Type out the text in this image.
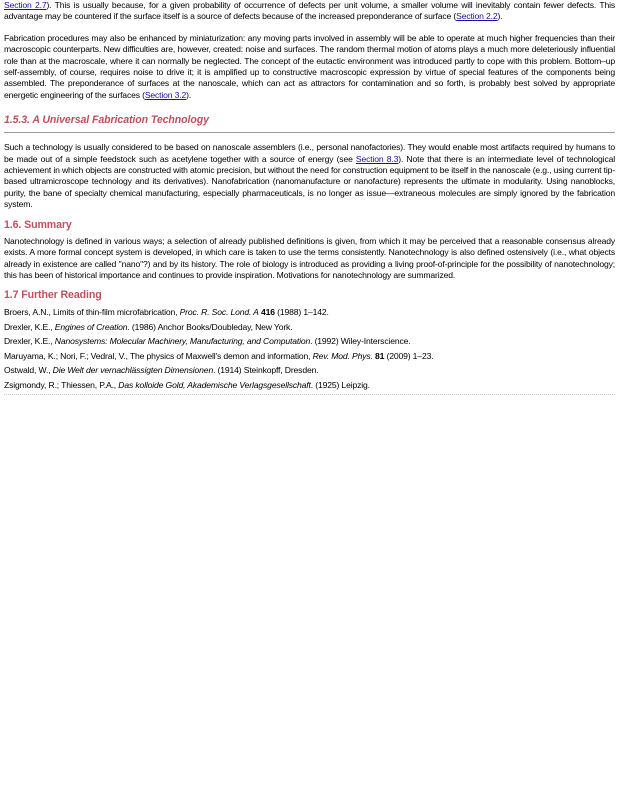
Section 2.7). This is usually because, for a given probability of occurrence of defects per unit volume, a smaller volume will inevitably contain fewer defects. This advantage may be countered if the surface itself is a source of defects because of the increased preponderance of surface (Section 2.2).

Fabrication procedures may also be enhanced by miniaturization: any moving parts involved in assembly will be able to operate at much higher frequencies than their macroscopic counterparts. New difficulties are, however, created: noise and surfaces. The random thermal motion of atoms plays a much more deleteriously influential role than at the macroscale, where it can normally be neglected. The concept of the eutactic environment was introduced partly to cope with this problem. Bottom–up self-assembly, of course, requires noise to drive it; it is amplified up to constructive macroscopic expression by virtue of special features of the components being assembled. The preponderance of surfaces at the nanoscale, which can act as attractors for contamination and so forth, is probably best solved by appropriate energetic engineering of the surfaces (Section 3.2).

1.5.3. A Universal Fabrication Technology

Such a technology is usually considered to be based on nanoscale assemblers (i.e., personal nanofactories). They would enable most artifacts required by humans to be made out of a simple feedstock such as acetylene together with a source of energy (see Section 8.3). Note that there is an intermediate level of technological achievement in which objects are constructed with atomic precision, but without the need for construction equipment to be itself in the nanoscale (e.g., using current tip-based ultramicroscope technology and its derivatives). Nanofabrication (nanomanufacture or nanofacture) represents the ultimate in modularity. Using nanoblocks, purity, the bane of specialty chemical manufacturing, especially pharmaceuticals, is no longer as issue—extraneous molecules are simply ignored by the fabrication system.

1.6. Summary

Nanotechnology is defined in various ways; a selection of already published definitions is given, from which it may be perceived that a reasonable consensus already exists. A more formal concept system is developed, in which care is taken to use the terms consistently. Nanotechnology is also defined ostensively (i.e., what objects already in existence are called "nano"?) and by its history. The role of biology is introduced as providing a living proof-of-principle for the possibility of nanotechnology; this has been of historical importance and continues to provide inspiration. Motivations for nanotechnology are summarized.

1.7 Further Reading
Broers, A.N., Limits of thin-film microfabrication, Proc. R. Soc. Lond. A 416 (1988) 1–142.
Drexler, K.E., Engines of Creation. (1986) Anchor Books/Doubleday, New York.
Drexler, K.E., Nanosystems: Molecular Machinery, Manufacturing, and Computation. (1992) Wiley-Interscience.
Maruyama, K.; Nori, F.; Vedral, V., The physics of Maxwell's demon and information, Rev. Mod. Phys. 81 (2009) 1–23.
Ostwald, W., Die Welt der vernachlässigten Dimensionen. (1914) Steinkopff, Dresden.
Zsigmondy, R.; Thiessen, P.A., Das kolloide Gold, Akademische Verlagsgesellschaft. (1925) Leipzig.
